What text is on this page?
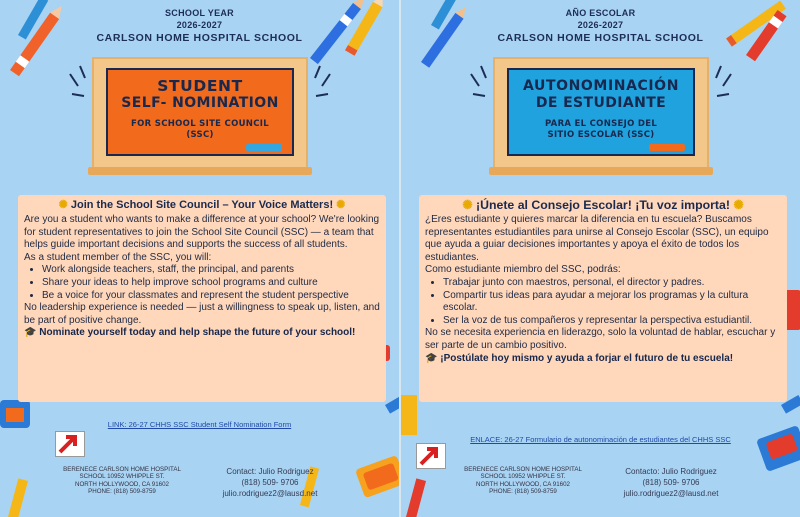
SCHOOL YEAR
2026-2027
CARLSON HOME HOSPITAL SCHOOL
STUDENT
SELF- NOMINATION
FOR SCHOOL SITE COUNCIL
(SSC)
✺ Join the School Site Council – Your Voice Matters! ✺

Are you a student who wants to make a difference at your school? We're looking for student representatives to join the School Site Council (SSC) — a team that helps guide important decisions and supports the success of all students.

As a student member of the SSC, you will:

• Work alongside teachers, staff, the principal, and parents
• Share your ideas to help improve school programs and culture
• Be a voice for your classmates and represent the student perspective

No leadership experience is needed — just a willingness to speak up, listen, and be part of positive change.

🎓 Nominate yourself today and help shape the future of your school!

LINK: 26-27 CHHS SSC Student Self Nomination Form
BERENECE CARLSON HOME HOSPITAL
SCHOOL 10952 WHIPPLE ST.
NORTH HOLLYWOOD, CA 91602
PHONE: (818) 509-8759
Contact: Julio Rodriguez
(818) 509- 9706
julio.rodriguez2@lausd.net
AÑO ESCOLAR
2026-2027
CARLSON HOME HOSPITAL SCHOOL
AUTONOMINACIÓN
DE ESTUDIANTE
PARA EL CONSEJO DEL
SITIO ESCOLAR (SSC)
✺ ¡Únete al Consejo Escolar! ¡Tu voz importa! ✺

¿Eres estudiante y quieres marcar la diferencia en tu escuela? Buscamos representantes estudiantiles para unirse al Consejo Escolar (SSC), un equipo que ayuda a guiar decisiones importantes y apoya el éxito de todos los estudiantes.

Como estudiante miembro del SSC, podrás:

• Trabajar junto con maestros, personal, el director y padres.
• Compartir tus ideas para ayudar a mejorar los programas y la cultura escolar.
• Ser la voz de tus compañeros y representar la perspectiva estudiantil.

No se necesita experiencia en liderazgo, solo la voluntad de hablar, escuchar y ser parte de un cambio positivo.

🎓 ¡Postúlate hoy mismo y ayuda a forjar el futuro de tu escuela!

ENLACE: 26-27 Formulario de autonominación de estudiantes del CHHS SSC
BERENECE CARLSON HOME HOSPITAL
SCHOOL 10952 WHIPPLE ST.
NORTH HOLLYWOOD, CA 91602
PHONE: (818) 509-8759
Contacto: Julio Rodriguez
(818) 509- 9706
julio.rodriguez2@lausd.net
